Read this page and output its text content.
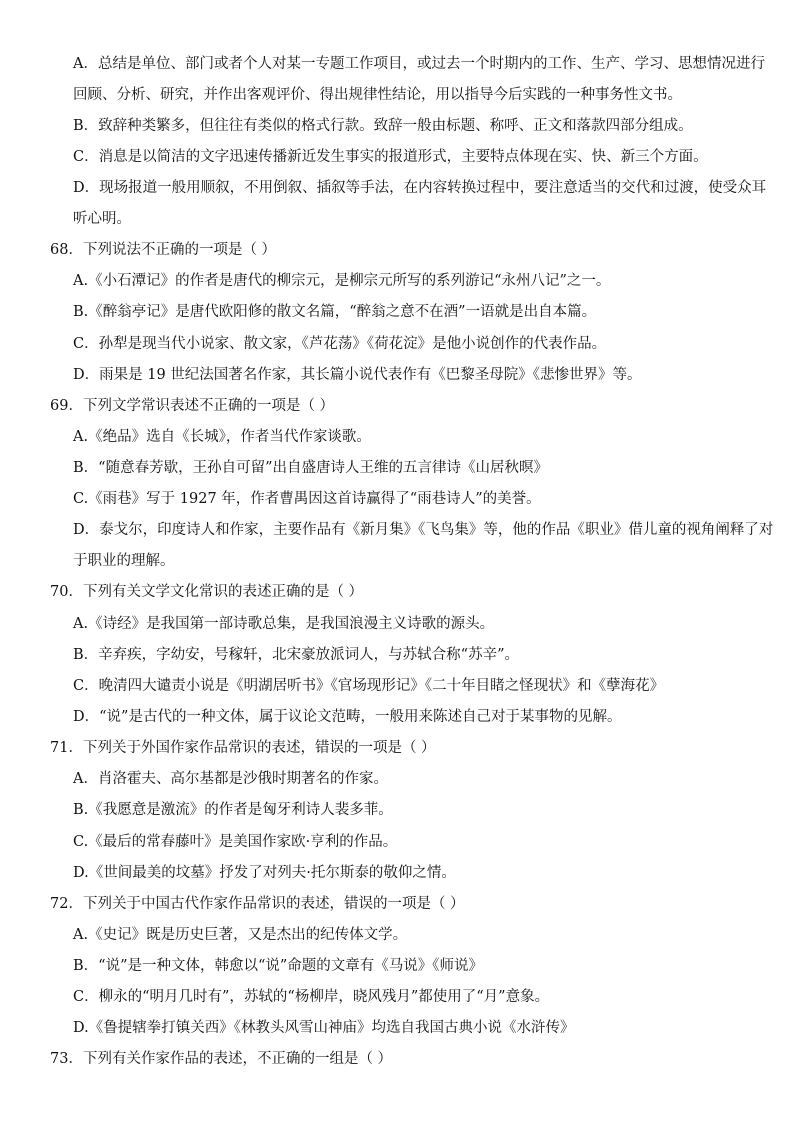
A．总结是单位、部门或者个人对某一专题工作项目，或过去一个时期内的工作、生产、学习、思想情况进行
回顾、分析、研究，并作出客观评价、得出规律性结论，用以指导今后实践的一种事务性文书。
B．致辞种类繁多，但往往有类似的格式行款。致辞一般由标题、称呼、正文和落款四部分组成。
C．消息是以简洁的文字迅速传播新近发生事实的报道形式，主要特点体现在实、快、新三个方面。
D．现场报道一般用顺叙，不用倒叙、插叙等手法，在内容转换过程中，要注意适当的交代和过渡，使受众耳
听心明。
68．下列说法不正确的一项是（ ）
A.《小石潭记》的作者是唐代的柳宗元，是柳宗元所写的系列游记“永州八记”之一。
B.《醉翁亭记》是唐代欧阳修的散文名篇，“醉翁之意不在酒”一语就是出自本篇。
C．孙犁是现当代小说家、散文家，《芦花荡》《荷花淀》是他小说创作的代表作品。
D．雨果是 19 世纪法国著名作家，其长篇小说代表作有《巴黎圣母院》《悲惨世界》等。
69．下列文学常识表述不正确的一项是（ ）
A.《绝品》选自《长城》，作者当代作家谈歌。
B．“随意春芳歇，王孙自可留”出自盛唐诗人王维的五言律诗《山居秋暝》
C.《雨巷》写于 1927 年，作者曹禺因这首诗赢得了“雨巷诗人”的美誉。
D．泰戈尔，印度诗人和作家，主要作品有《新月集》《飞鸟集》等，他的作品《职业》借儿童的视角阐释了对
于职业的理解。
70．下列有关文学文化常识的表述正确的是（ ）
A.《诗经》是我国第一部诗歌总集，是我国浪漫主义诗歌的源头。
B．辛弃疾，字幼安，号稼轩，北宋豪放派词人，与苏轼合称“苏辛”。
C．晚清四大谴责小说是《明湖居听书》《官场现形记》《二十年目睹之怪现状》和《孽海花》
D．“说”是古代的一种文体，属于议论文范畴，一般用来陈述自己对于某事物的见解。
71．下列关于外国作家作品常识的表述，错误的一项是（ ）
A．肖洛霍夫、高尔基都是沙俄时期著名的作家。
B.《我愿意是激流》的作者是匈牙利诗人裴多菲。
C.《最后的常春藤叶》是美国作家欧·亨利的作品。
D.《世间最美的坟墓》抒发了对列夫·托尔斯泰的敬仰之情。
72．下列关于中国古代作家作品常识的表述，错误的一项是（ ）
A.《史记》既是历史巨著，又是杰出的纪传体文学。
B．“说”是一种文体，韩愈以“说”命题的文章有《马说》《师说》
C．柳永的“明月几时有”，苏轼的“杨柳岸，晓风残月”都使用了“月”意象。
D.《鲁提辖拳打镇关西》《林教头风雪山神庙》均选自我国古典小说《水浒传》
73．下列有关作家作品的表述，不正确的一组是（ ）
